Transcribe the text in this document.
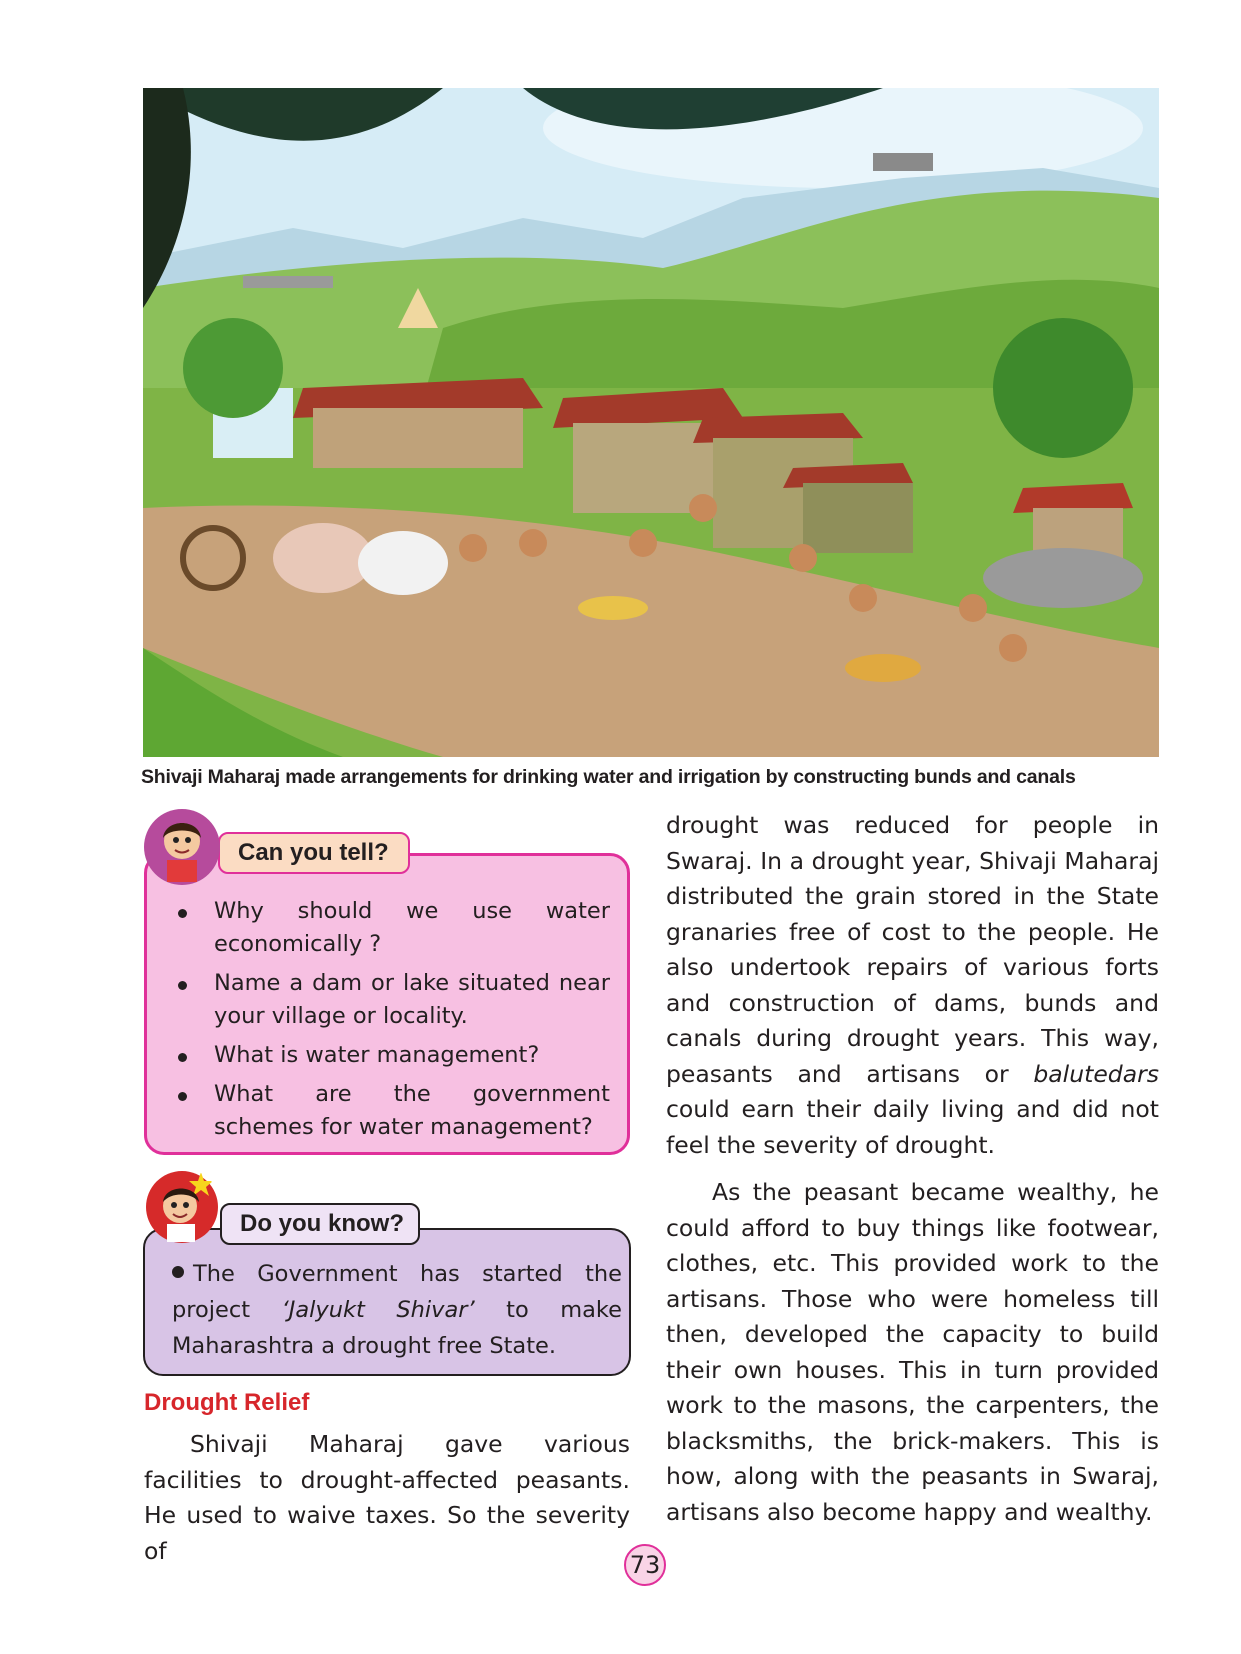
Shivaji Maharaj made arrangements for drinking water and irrigation by constructing bunds and canals
Can you tell?
Why should we use water economically ?
Name a dam or lake situated near your village or locality.
What is water management?
What are the government schemes for water management?
Do you know?
The Government has started the project ‘Jalyukt Shivar’ to make Maharashtra a drought free State.
Drought Relief

Shivaji Maharaj gave various facilities to drought-affected peasants. He used to waive taxes. So the severity of

drought was reduced for people in Swaraj. In a drought year, Shivaji Maharaj distributed the grain stored in the State granaries free of cost to the people. He also undertook repairs of various forts and construction of dams, bunds and canals during drought years. This way, peasants and artisans or balutedars could earn their daily living and did not feel the severity of drought.

As the peasant became wealthy, he could afford to buy things like footwear, clothes, etc. This provided work to the artisans. Those who were homeless till then, developed the capacity to build their own houses. This in turn provided work to the masons, the carpenters, the blacksmiths, the brick-makers. This is how, along with the peasants in Swaraj, artisans also become happy and wealthy.

73
